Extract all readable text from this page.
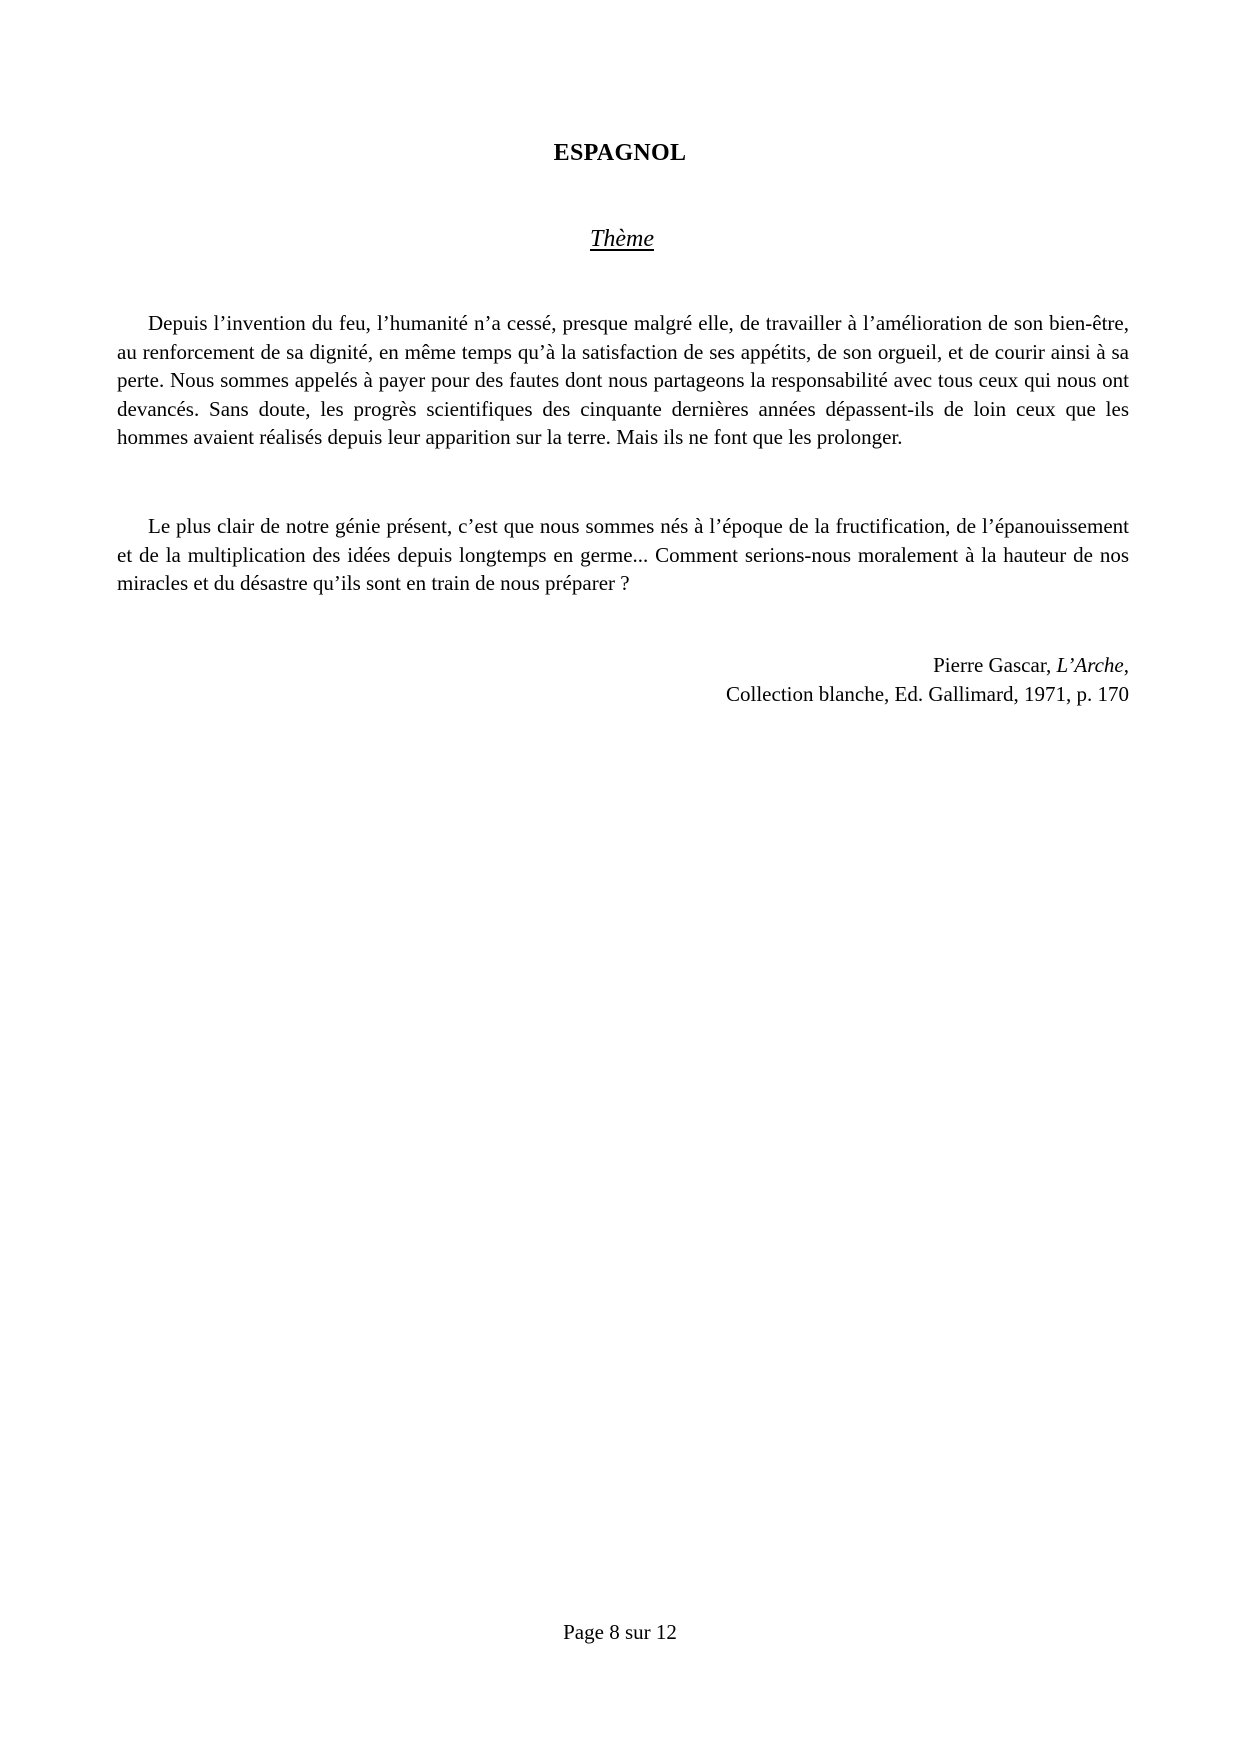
ESPAGNOL

Thème

Depuis l’invention du feu, l’humanité n’a cessé, presque malgré elle, de travailler à l’amélioration de son bien-être, au renforcement de sa dignité, en même temps qu’à la satisfaction de ses appétits, de son orgueil, et de courir ainsi à sa perte. Nous sommes appelés à payer pour des fautes dont nous partageons la responsabilité avec tous ceux qui nous ont devancés. Sans doute, les progrès scientifiques des cinquante dernières années dépassent-ils de loin ceux que les hommes avaient réalisés depuis leur apparition sur la terre. Mais ils ne font que les prolonger.

Le plus clair de notre génie présent, c’est que nous sommes nés à l’époque de la fructification, de l’épanouissement et de la multiplication des idées depuis longtemps en germe... Comment serions-nous moralement à la hauteur de nos miracles et du désastre qu’ils sont en train de nous préparer ?

Pierre Gascar, L’Arche,
Collection blanche, Ed. Gallimard, 1971, p. 170
Page 8 sur 12
